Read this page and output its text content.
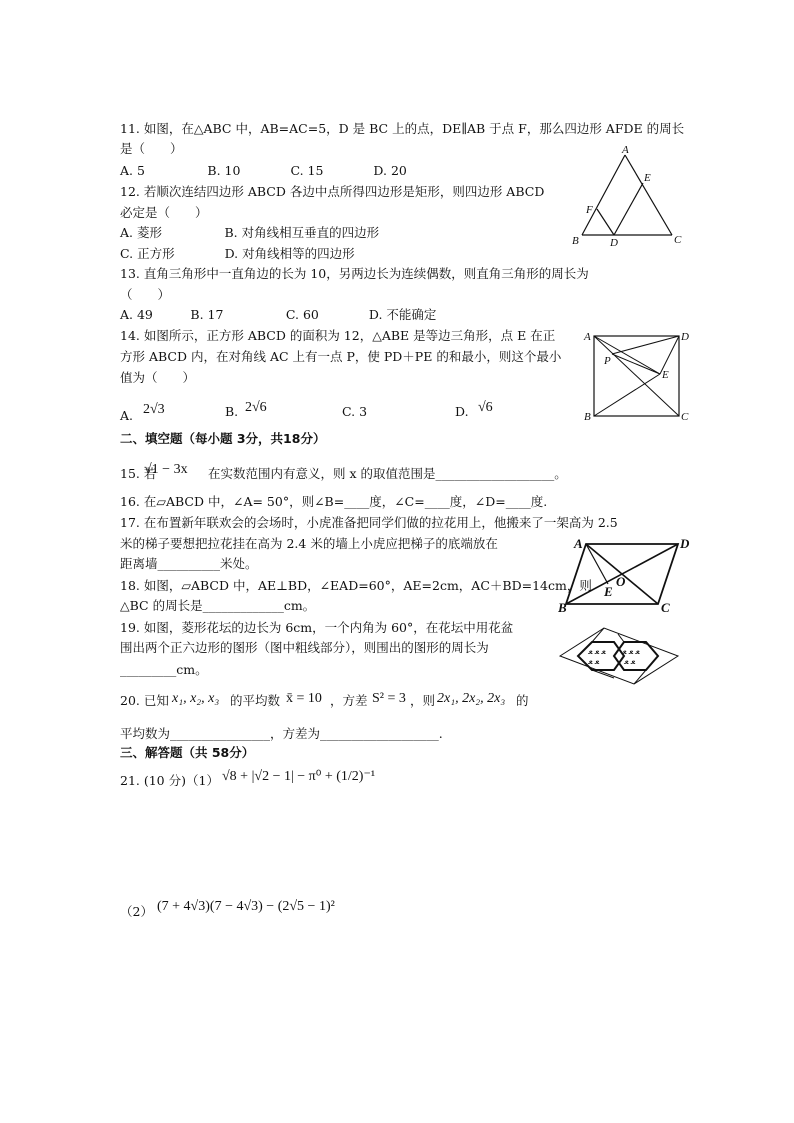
11. 如图，在△ABC 中，AB=AC=5，D 是 BC 上的点，DE∥AB 于点 F，那么四边形 AFDE 的周长
是（　　）
A. 5　　　　　B. 10　　　　C. 15　　　　D. 20
A
B	C
D
E
F
12. 若顺次连结四边形 ABCD 各边中点所得四边形是矩形，则四边形 ABCD
必定是（　　）
A. 菱形　　　　　B. 对角线相互垂直的四边形
C. 正方形　　　　D. 对角线相等的四边形
13. 直角三角形中一直角边的长为 10，另两边长为连续偶数，则直角三角形的周长为
（　　）
A. 49　　　B. 17　　　　　C. 60　　　　D. 不能确定
14. 如图所示，正方形 ABCD 的面积为 12，△ABE 是等边三角形，点 E 在正
方形 ABCD 内，在对角线 AC 上有一点 P，使 PD＋PE 的和最小，则这个最小
值为（　　）
A. 2√3	B. 2√6	C. 3	D. √6
A	D
B	C
P
E
二、填空题（每小题 3分，共18分）
15. 若
√1 − 3x 在实数范围内有意义，则 x 的取值范围是___________________。
16. 在▱ABCD 中，∠A= 50°，则∠B=____度，∠C=____度，∠D=____度.
17. 在布置新年联欢会的会场时，小虎准备把同学们做的拉花用上，他搬来了一架高为 2.5
米的梯子要想把拉花挂在高为 2.4 米的墙上小虎应把梯子的底端放在
距离墙__________米处。
A	D
B	C
E
O
18. 如图，▱ABCD 中，AE⊥BD，∠EAD=60°，AE=2cm，AC＋BD=14cm，则
△BC 的周长是_____________cm。
19. 如图，菱形花坛的边长为 6cm，一个内角为 60°，在花坛中用花盆
围出两个正六边形的图形（图中粗线部分），则围出的图形的周长为
_________cm。
ﻌ ﻌ ﻌ
ﻌ ﻌ
ﻌ ﻌ ﻌ
ﻌ ﻌ
20. 已知 x₁, x₂, x₃ 的平均数 x̄ = 10 ，方差 S² = 3 ，则 2x₁, 2x₂, 2x₃ 的
平均数为________________，方差为___________________.
三、解答题（共 58分）
21. (10 分)（1） √8 + |√2 − 1| − π⁰ + (1/2)⁻¹
（2） (7 + 4√3)(7 − 4√3) − (2√5 − 1)²
